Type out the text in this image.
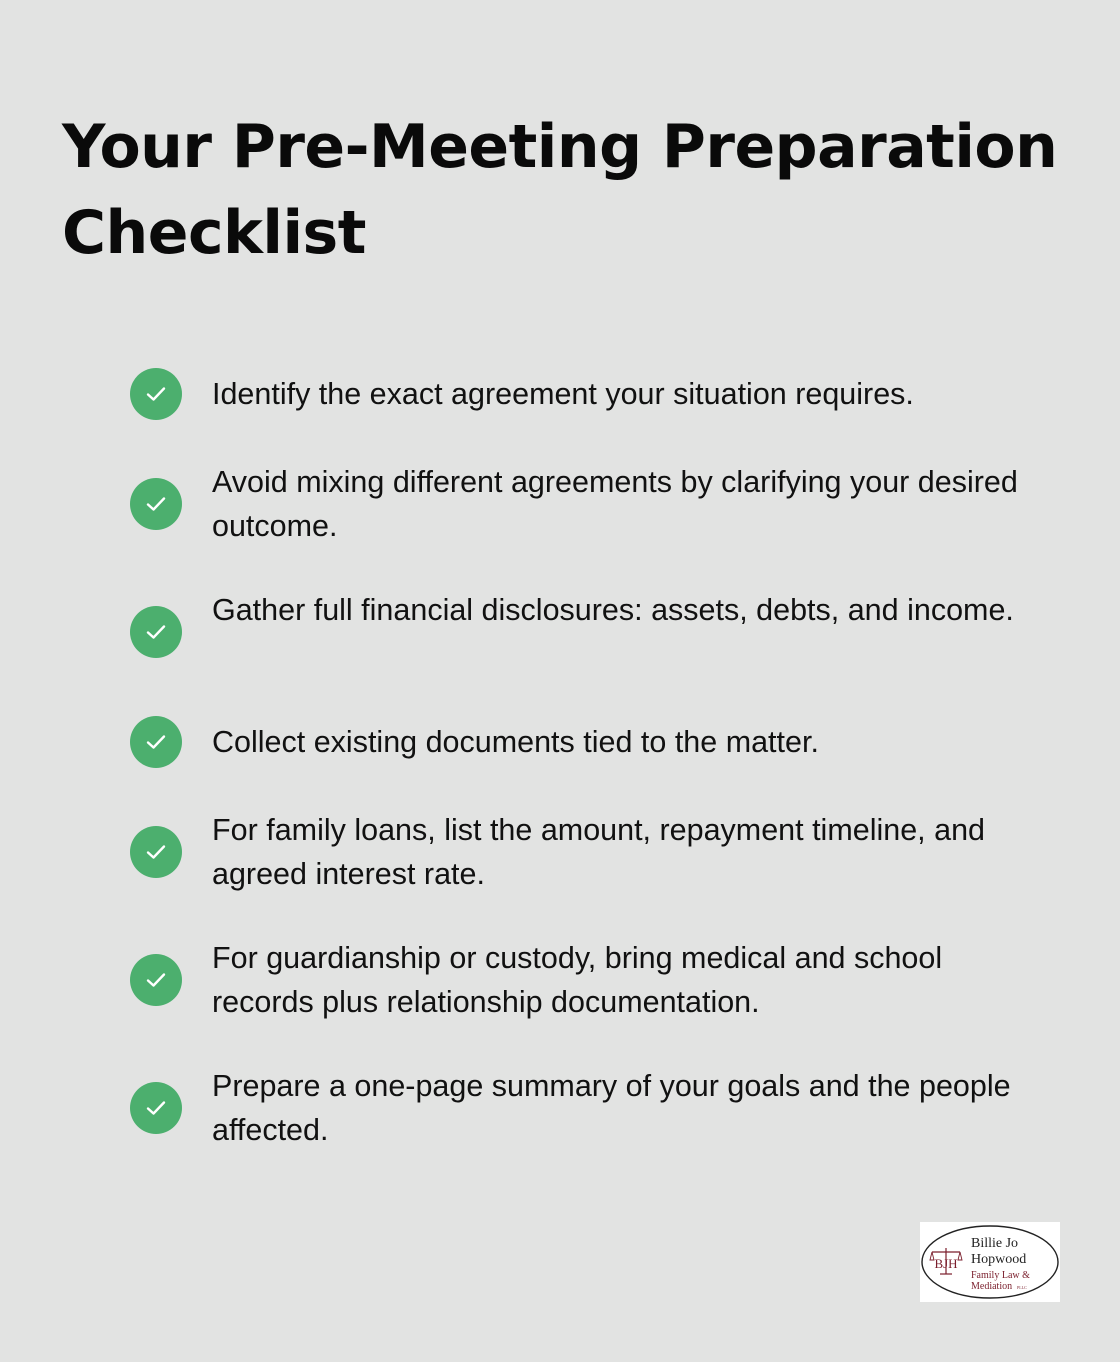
Your Pre-Meeting Preparation Checklist
Identify the exact agreement your situation requires.
Avoid mixing different agreements by clarifying your desired outcome.
Gather full financial disclosures: assets, debts, and income.
Collect existing documents tied to the matter.
For family loans, list the amount, repayment timeline, and agreed interest rate.
For guardianship or custody, bring medical and school records plus relationship documentation.
Prepare a one-page summary of your goals and the people affected.
BJH
Billie Jo
Hopwood
Family Law &
Mediation PLLC
